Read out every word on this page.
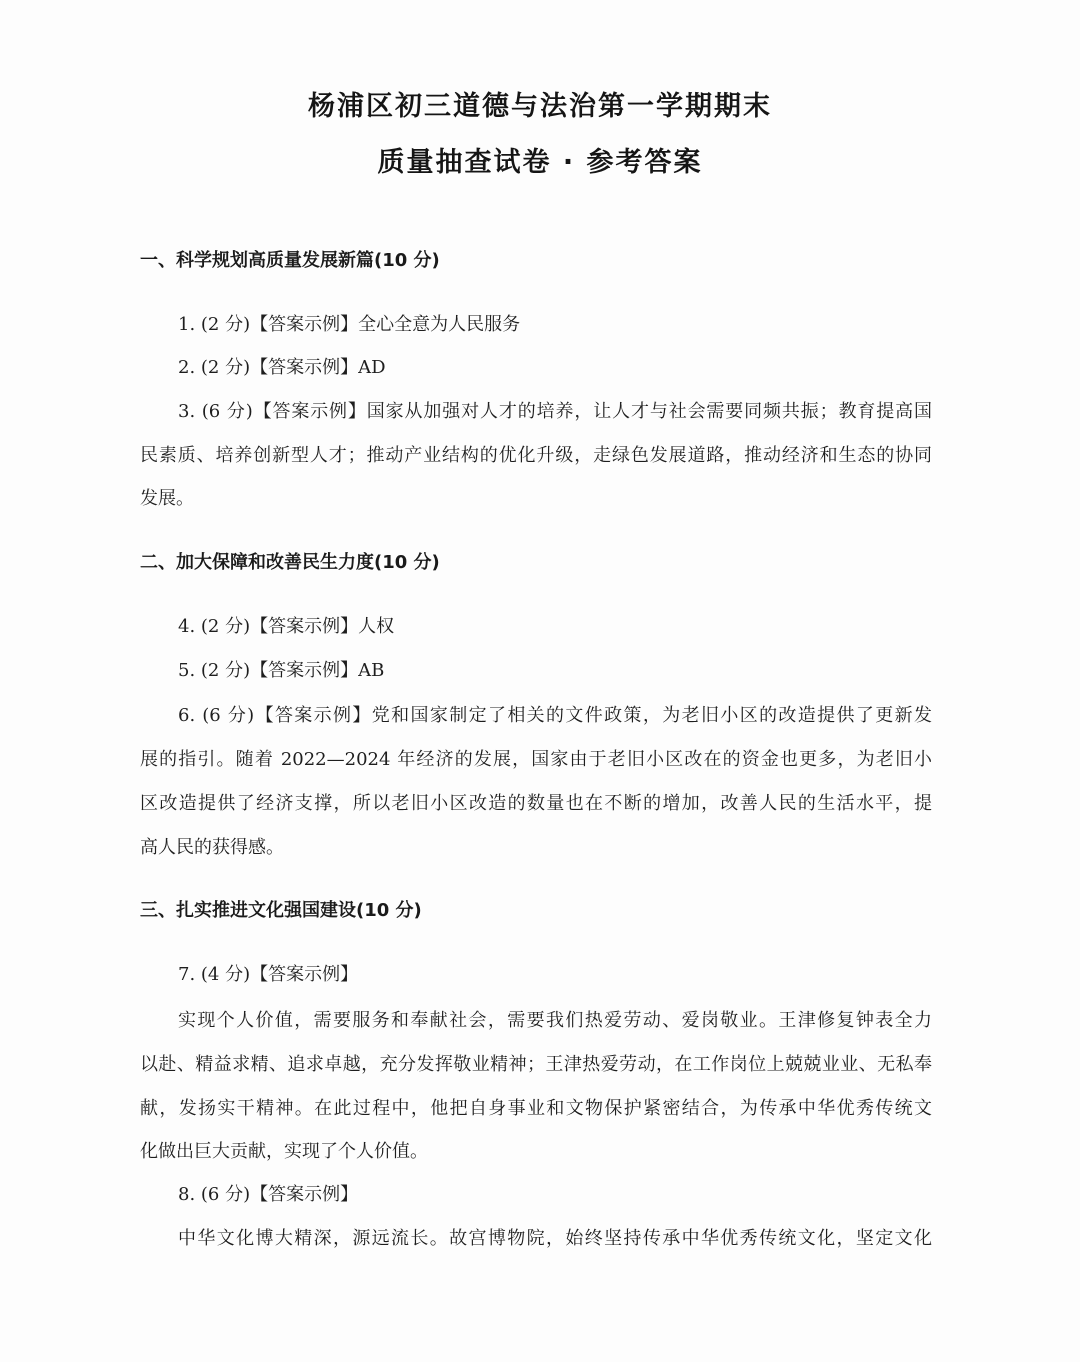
杨浦区初三道德与法治第一学期期末
质量抽查试卷 · 参考答案
一、科学规划高质量发展新篇(10 分)
1. (2 分)【答案示例】全心全意为人民服务
2. (2 分)【答案示例】AD
3. (6 分)【答案示例】国家从加强对人才的培养，让人才与社会需要同频共振；教育提高国
民素质、培养创新型人才；推动产业结构的优化升级，走绿色发展道路，推动经济和生态的协同
发展。
二、加大保障和改善民生力度(10 分)
4. (2 分)【答案示例】人权
5. (2 分)【答案示例】AB
6. (6 分)【答案示例】党和国家制定了相关的文件政策，为老旧小区的改造提供了更新发
展的指引。随着 2022—2024 年经济的发展，国家由于老旧小区改在的资金也更多，为老旧小
区改造提供了经济支撑，所以老旧小区改造的数量也在不断的增加，改善人民的生活水平，提
高人民的获得感。
三、扎实推进文化强国建设(10 分)
7. (4 分)【答案示例】
实现个人价值，需要服务和奉献社会，需要我们热爱劳动、爱岗敬业。王津修复钟表全力
以赴、精益求精、追求卓越，充分发挥敬业精神；王津热爱劳动，在工作岗位上兢兢业业、无私奉
献，发扬实干精神。在此过程中，他把自身事业和文物保护紧密结合，为传承中华优秀传统文
化做出巨大贡献，实现了个人价值。
8. (6 分)【答案示例】
中华文化博大精深，源远流长。故宫博物院，始终坚持传承中华优秀传统文化，坚定文化
